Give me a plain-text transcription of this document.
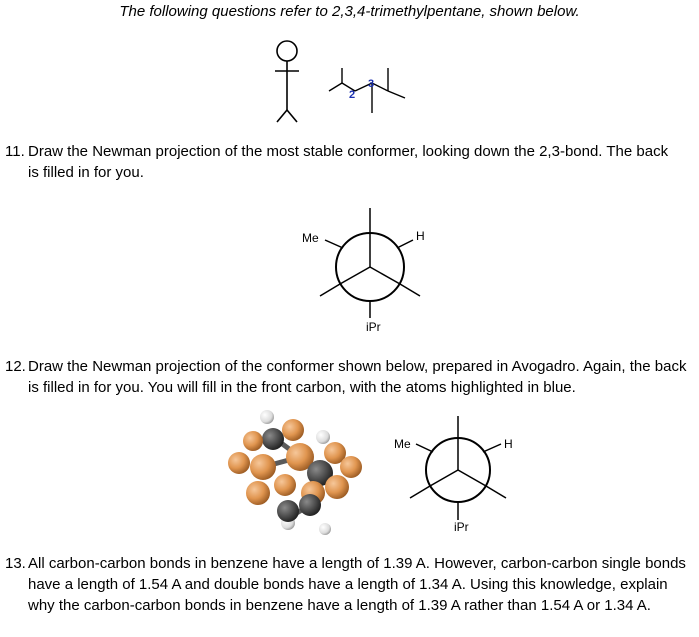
The following questions refer to 2,3,4-trimethylpentane, shown below.
2
3
11. Draw the Newman projection of the most stable conformer, looking down the 2,3-bond. The back is filled in for you.
Me	H
iPr
12. Draw the Newman projection of the conformer shown below, prepared in Avogadro. Again, the back is filled in for you. You will fill in the front carbon, with the atoms highlighted in blue.
Me	H
iPr
13. All carbon-carbon bonds in benzene have a length of 1.39 A. However, carbon-carbon single bonds have a length of 1.54 A and double bonds have a length of 1.34 A. Using this knowledge, explain why the carbon-carbon bonds in benzene have a length of 1.39 A rather than 1.54 A or 1.34 A.
